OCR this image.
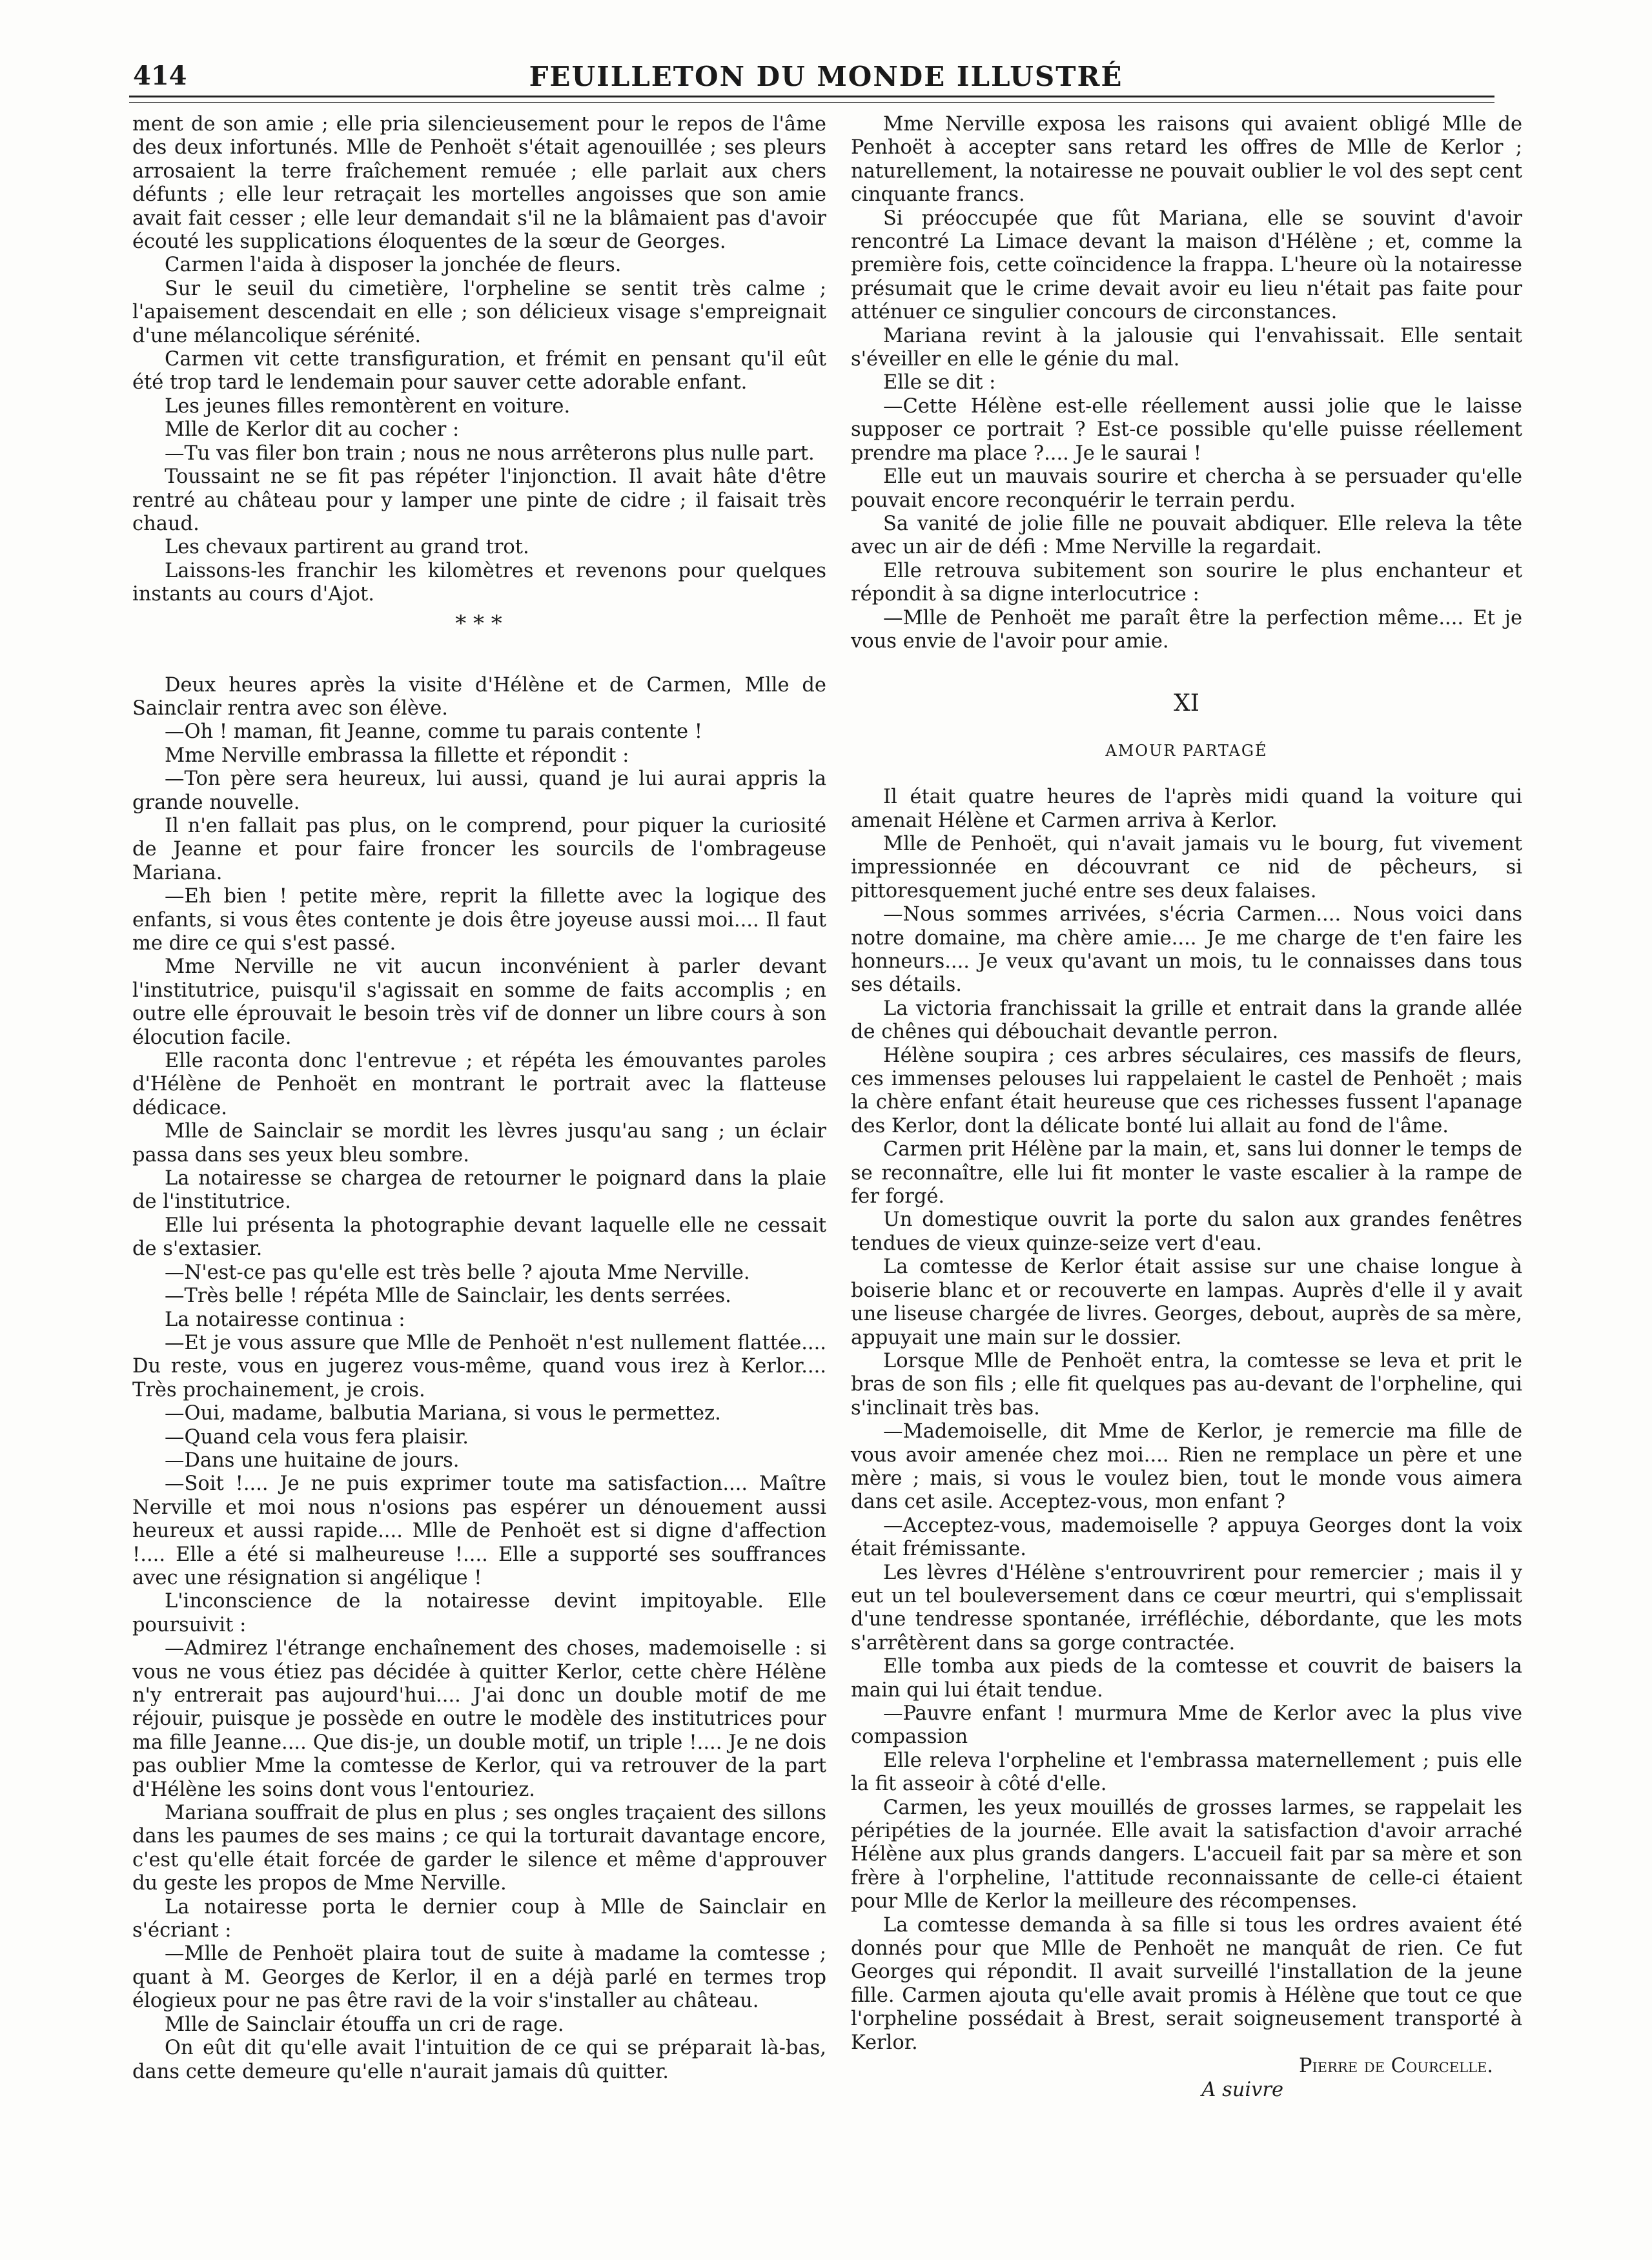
414	FEUILLETON DU MONDE ILLUSTRÉ

ment de son amie ; elle pria silencieusement pour le repos de l'âme des deux infortunés. Mlle de Penhoët s'était agenouillée ; ses pleurs arrosaient la terre fraîchement remuée ; elle parlait aux chers défunts ; elle leur retraçait les mortelles angoisses que son amie avait fait cesser ; elle leur demandait s'il ne la blâmaient pas d'avoir écouté les supplications éloquentes de la sœur de Georges.

Carmen l'aida à disposer la jonchée de fleurs.

Sur le seuil du cimetière, l'orpheline se sentit très calme ; l'apaisement descendait en elle ; son délicieux visage s'empreignait d'une mélancolique sérénité.

Carmen vit cette transfiguration, et frémit en pensant qu'il eût été trop tard le lendemain pour sauver cette adorable enfant.

Les jeunes filles remontèrent en voiture.

Mlle de Kerlor dit au cocher :

—Tu vas filer bon train ; nous ne nous arrêterons plus nulle part.

Toussaint ne se fit pas répéter l'injonction. Il avait hâte d'être rentré au château pour y lamper une pinte de cidre ; il faisait très chaud.

Les chevaux partirent au grand trot.

Laissons-les franchir les kilomètres et revenons pour quelques instants au cours d'Ajot.

* * *

Deux heures après la visite d'Hélène et de Carmen, Mlle de Sainclair rentra avec son élève.

—Oh ! maman, fit Jeanne, comme tu parais contente !

Mme Nerville embrassa la fillette et répondit :

—Ton père sera heureux, lui aussi, quand je lui aurai appris la grande nouvelle.

Il n'en fallait pas plus, on le comprend, pour piquer la curiosité de Jeanne et pour faire froncer les sourcils de l'ombrageuse Mariana.

—Eh bien ! petite mère, reprit la fillette avec la logique des enfants, si vous êtes contente je dois être joyeuse aussi moi.... Il faut me dire ce qui s'est passé.

Mme Nerville ne vit aucun inconvénient à parler devant l'institutrice, puisqu'il s'agissait en somme de faits accomplis ; en outre elle éprouvait le besoin très vif de donner un libre cours à son élocution facile.

Elle raconta donc l'entrevue ; et répéta les émouvantes paroles d'Hélène de Penhoët en montrant le portrait avec la flatteuse dédicace.

Mlle de Sainclair se mordit les lèvres jusqu'au sang ; un éclair passa dans ses yeux bleu sombre.

La notairesse se chargea de retourner le poignard dans la plaie de l'institutrice.

Elle lui présenta la photographie devant laquelle elle ne cessait de s'extasier.

—N'est-ce pas qu'elle est très belle ? ajouta Mme Nerville.

—Très belle ! répéta Mlle de Sainclair, les dents serrées.

La notairesse continua :

—Et je vous assure que Mlle de Penhoët n'est nullement flattée.... Du reste, vous en jugerez vous-même, quand vous irez à Kerlor.... Très prochainement, je crois.

—Oui, madame, balbutia Mariana, si vous le permettez.

—Quand cela vous fera plaisir.

—Dans une huitaine de jours.

—Soit !.... Je ne puis exprimer toute ma satisfaction.... Maître Nerville et moi nous n'osions pas espérer un dénouement aussi heureux et aussi rapide.... Mlle de Penhoët est si digne d'affection !.... Elle a été si malheureuse !.... Elle a supporté ses souffrances avec une résignation si angélique !

L'inconscience de la notairesse devint impitoyable. Elle poursuivit :

—Admirez l'étrange enchaînement des choses, mademoiselle : si vous ne vous étiez pas décidée à quitter Kerlor, cette chère Hélène n'y entrerait pas aujourd'hui.... J'ai donc un double motif de me réjouir, puisque je possède en outre le modèle des institutrices pour ma fille Jeanne.... Que dis-je, un double motif, un triple !.... Je ne dois pas oublier Mme la comtesse de Kerlor, qui va retrouver de la part d'Hélène les soins dont vous l'entouriez.

Mariana souffrait de plus en plus ; ses ongles traçaient des sillons dans les paumes de ses mains ; ce qui la torturait davantage encore, c'est qu'elle était forcée de garder le silence et même d'approuver du geste les propos de Mme Nerville.

La notairesse porta le dernier coup à Mlle de Sainclair en s'écriant :

—Mlle de Penhoët plaira tout de suite à madame la comtesse ; quant à M. Georges de Kerlor, il en a déjà parlé en termes trop élogieux pour ne pas être ravi de la voir s'installer au château.

Mlle de Sainclair étouffa un cri de rage.

On eût dit qu'elle avait l'intuition de ce qui se préparait là-bas, dans cette demeure qu'elle n'aurait jamais dû quitter.

Mme Nerville exposa les raisons qui avaient obligé Mlle de Penhoët à accepter sans retard les offres de Mlle de Kerlor ; naturellement, la notairesse ne pouvait oublier le vol des sept cent cinquante francs.

Si préoccupée que fût Mariana, elle se souvint d'avoir rencontré La Limace devant la maison d'Hélène ; et, comme la première fois, cette coïncidence la frappa. L'heure où la notairesse présumait que le crime devait avoir eu lieu n'était pas faite pour atténuer ce singulier concours de circonstances.

Mariana revint à la jalousie qui l'envahissait. Elle sentait s'éveiller en elle le génie du mal.

Elle se dit :

—Cette Hélène est-elle réellement aussi jolie que le laisse supposer ce portrait ? Est-ce possible qu'elle puisse réellement prendre ma place ?.... Je le saurai !

Elle eut un mauvais sourire et chercha à se persuader qu'elle pouvait encore reconquérir le terrain perdu.

Sa vanité de jolie fille ne pouvait abdiquer. Elle releva la tête avec un air de défi : Mme Nerville la regardait.

Elle retrouva subitement son sourire le plus enchanteur et répondit à sa digne interlocutrice :

—Mlle de Penhoët me paraît être la perfection même.... Et je vous envie de l'avoir pour amie.

XI
AMOUR PARTAGÉ

Il était quatre heures de l'après midi quand la voiture qui amenait Hélène et Carmen arriva à Kerlor.

Mlle de Penhoët, qui n'avait jamais vu le bourg, fut vivement impressionnée en découvrant ce nid de pêcheurs, si pittoresquement juché entre ses deux falaises.

—Nous sommes arrivées, s'écria Carmen.... Nous voici dans notre domaine, ma chère amie.... Je me charge de t'en faire les honneurs.... Je veux qu'avant un mois, tu le connaisses dans tous ses détails.

La victoria franchissait la grille et entrait dans la grande allée de chênes qui débouchait devantle perron.

Hélène soupira ; ces arbres séculaires, ces massifs de fleurs, ces immenses pelouses lui rappelaient le castel de Penhoët ; mais la chère enfant était heureuse que ces richesses fussent l'apanage des Kerlor, dont la délicate bonté lui allait au fond de l'âme.

Carmen prit Hélène par la main, et, sans lui donner le temps de se reconnaître, elle lui fit monter le vaste escalier à la rampe de fer forgé.

Un domestique ouvrit la porte du salon aux grandes fenêtres tendues de vieux quinze-seize vert d'eau.

La comtesse de Kerlor était assise sur une chaise longue à boiserie blanc et or recouverte en lampas. Auprès d'elle il y avait une liseuse chargée de livres. Georges, debout, auprès de sa mère, appuyait une main sur le dossier.

Lorsque Mlle de Penhoët entra, la comtesse se leva et prit le bras de son fils ; elle fit quelques pas au-devant de l'orpheline, qui s'inclinait très bas.

—Mademoiselle, dit Mme de Kerlor, je remercie ma fille de vous avoir amenée chez moi.... Rien ne remplace un père et une mère ; mais, si vous le voulez bien, tout le monde vous aimera dans cet asile. Acceptez-vous, mon enfant ?

—Acceptez-vous, mademoiselle ? appuya Georges dont la voix était frémissante.

Les lèvres d'Hélène s'entrouvrirent pour remercier ; mais il y eut un tel bouleversement dans ce cœur meurtri, qui s'emplissait d'une tendresse spontanée, irréfléchie, débordante, que les mots s'arrêtèrent dans sa gorge contractée.

Elle tomba aux pieds de la comtesse et couvrit de baisers la main qui lui était tendue.

—Pauvre enfant ! murmura Mme de Kerlor avec la plus vive compassion

Elle releva l'orpheline et l'embrassa maternellement ; puis elle la fit asseoir à côté d'elle.

Carmen, les yeux mouillés de grosses larmes, se rappelait les péripéties de la journée. Elle avait la satisfaction d'avoir arraché Hélène aux plus grands dangers. L'accueil fait par sa mère et son frère à l'orpheline, l'attitude reconnaissante de celle-ci étaient pour Mlle de Kerlor la meilleure des récompenses.

La comtesse demanda à sa fille si tous les ordres avaient été donnés pour que Mlle de Penhoët ne manquât de rien. Ce fut Georges qui répondit. Il avait surveillé l'installation de la jeune fille. Carmen ajouta qu'elle avait promis à Hélène que tout ce que l'orpheline possédait à Brest, serait soigneusement transporté à Kerlor.

Pierre de Courcelle.
A suivre
